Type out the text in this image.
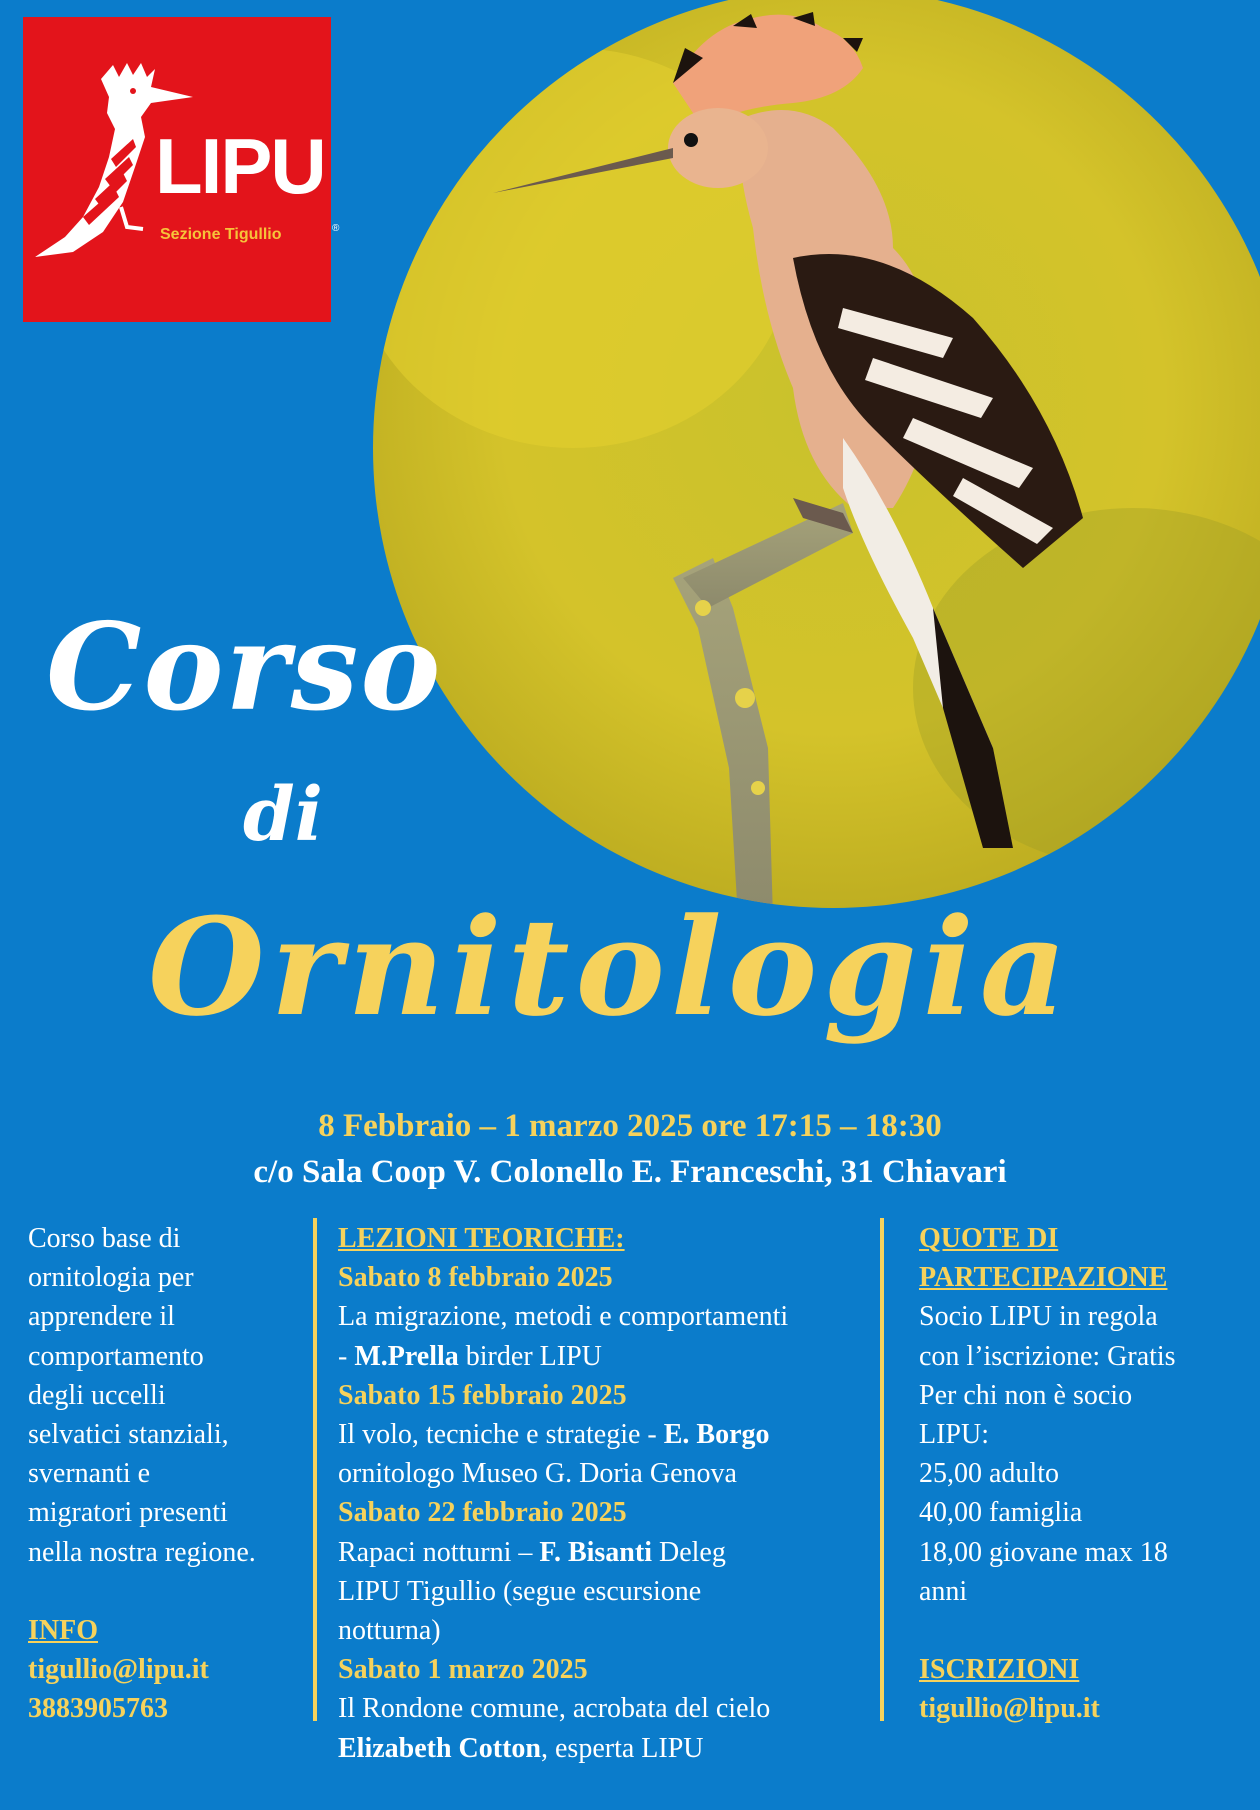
LIPU
Sezione Tigullio	®
Corso
di
Ornitologia
8 Febbraio – 1 marzo 2025 ore 17:15 – 18:30
c/o Sala Coop V. Colonello E. Franceschi, 31 Chiavari

Corso base di

ornitologia per

apprendere il

comportamento

degli uccelli

selvatici stanziali,

svernanti e

migratori presenti

nella nostra regione.

INFO

tigullio@lipu.it

3883905763

LEZIONI TEORICHE:

Sabato 8 febbraio 2025

La migrazione, metodi e comportamenti

- M.Prella birder LIPU

Sabato 15 febbraio 2025

Il volo, tecniche e strategie - E. Borgo

ornitologo Museo G. Doria Genova

Sabato 22 febbraio 2025

Rapaci notturni – F. Bisanti Deleg

LIPU Tigullio (segue escursione

notturna)

Sabato 1 marzo 2025

Il Rondone comune, acrobata del cielo

Elizabeth Cotton, esperta LIPU

QUOTE DI

PARTECIPAZIONE

Socio LIPU in regola

con l’iscrizione: Gratis

Per chi non è socio

LIPU:

25,00 adulto

40,00 famiglia

18,00 giovane max 18

anni

ISCRIZIONI

tigullio@lipu.it
